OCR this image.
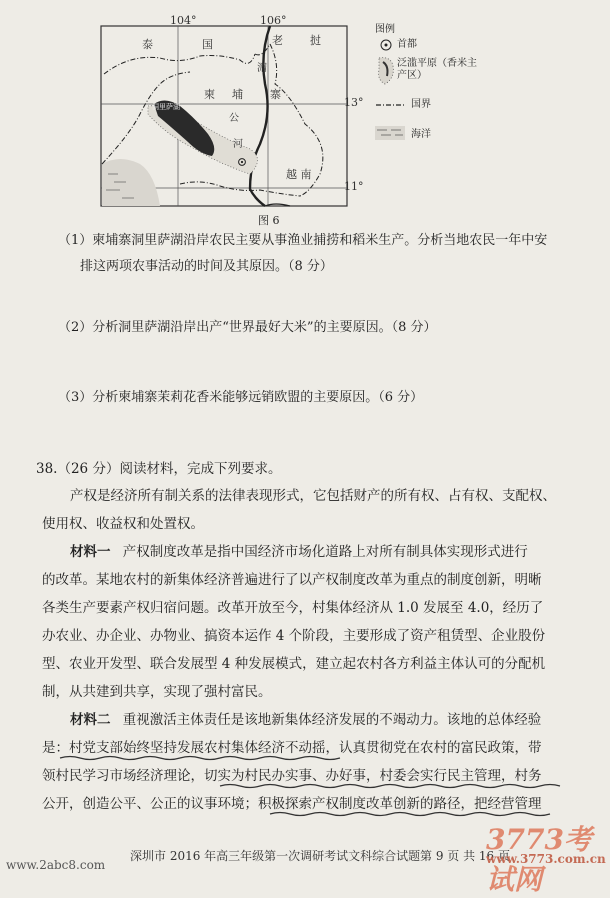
104°	106°
13°
11°
泰	国	老 挝
柬 埔 寨
湄
公
河
洞里萨湖
越 南
图例
首都
泛滥平原（香米主产区）
国界
海洋
图 6
（1）柬埔寨洞里萨湖沿岸农民主要从事渔业捕捞和稻米生产。分析当地农民一年中安
排这两项农事活动的时间及其原因。（8 分）
（2）分析洞里萨湖沿岸出产“世界最好大米”的主要原因。（8 分）
（3）分析柬埔寨茉莉花香米能够远销欧盟的主要原因。（6 分）
38.（26 分）阅读材料，完成下列要求。
产权是经济所有制关系的法律表现形式，它包括财产的所有权、占有权、支配权、
使用权、收益权和处置权。
材料一 产权制度改革是指中国经济市场化道路上对所有制具体实现形式进行
的改革。某地农村的新集体经济普遍进行了以产权制度改革为重点的制度创新，明晰
各类生产要素产权归宿问题。改革开放至今，村集体经济从 1.0 发展至 4.0，经历了
办农业、办企业、办物业、搞资本运作 4 个阶段，主要形成了资产租赁型、企业股份
型、农业开发型、联合发展型 4 种发展模式，建立起农村各方利益主体认可的分配机
制，从共建到共享，实现了强村富民。
材料二 重视激活主体责任是该地新集体经济发展的不竭动力。该地的总体经验
是：村党支部始终坚持发展农村集体经济不动摇，认真贯彻党在农村的富民政策，带
领村民学习市场经济理论，切实为村民办实事、办好事，村委会实行民主管理，村务
公开，创造公平、公正的议事环境；积极探索产权制度改革创新的路径，把经营管理
深圳市 2016 年高三年级第一次调研考试文科综合试题 第 9 页 共 16 页
www.2abc8.com
3773考试网
www.3773.com.cn
